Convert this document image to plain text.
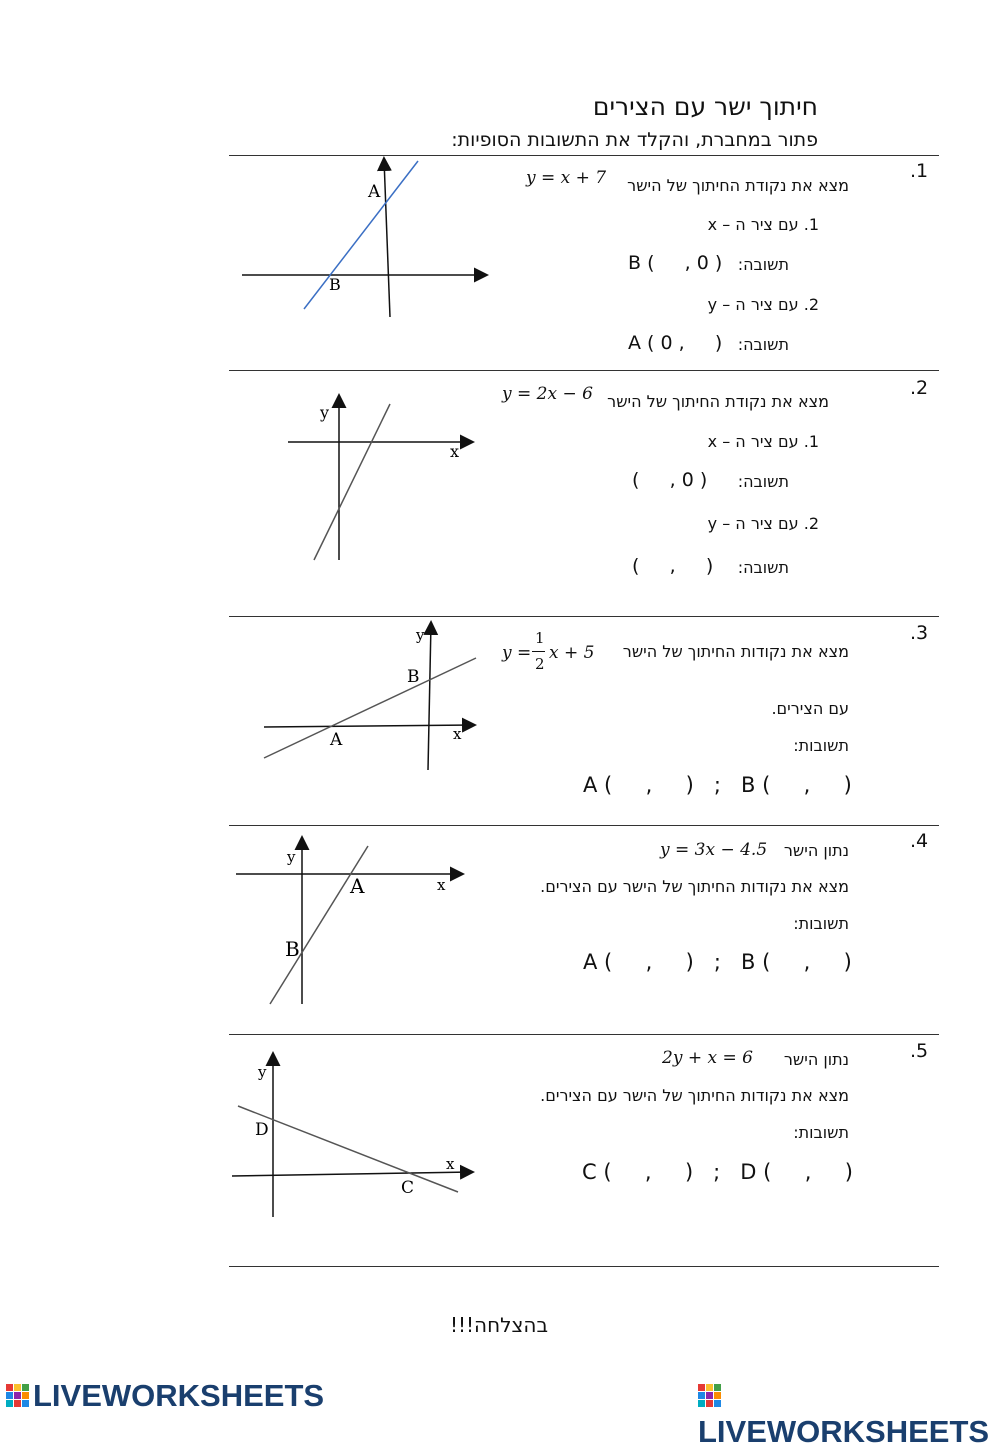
חיתוך ישר עם הצירים
פתור במחברת, והקלד את התשובות הסופיות:
.1
מצא את נקודת החיתוך של הישר
y = x + 7
1. עם ציר ה – x
תשובה:
B (     , 0 )
2. עם ציר ה – y
תשובה:
A ( 0 ,     )
A
B
.2
מצא את נקודת החיתוך של הישר
y = 2x − 6
1. עם ציר ה – x
תשובה:
(     , 0 )
2. עם ציר ה – y
תשובה:
(     ,     )
y
x
.3
מצא את נקודות החיתוך של הישר
y =
1
2
x + 5
עם הצירים.
תשובות:
A (     ,     )   ;   B (     ,     )
y
x
B
A
.4
נתון הישר
y = 3x − 4.5
מצא את נקודות החיתוך של הישר עם הצירים.
תשובות:
A (     ,     )   ;   B (     ,     )
y
x
A
B
.5
נתון הישר
2y + x = 6
מצא את נקודות החיתוך של הישר עם הצירים.
תשובות:
C (     ,     )   ;   D (     ,     )
y
x
D
C
בהצלחה!!!
LIVEWORKSHEETS
LIVEWORKSHEETS
